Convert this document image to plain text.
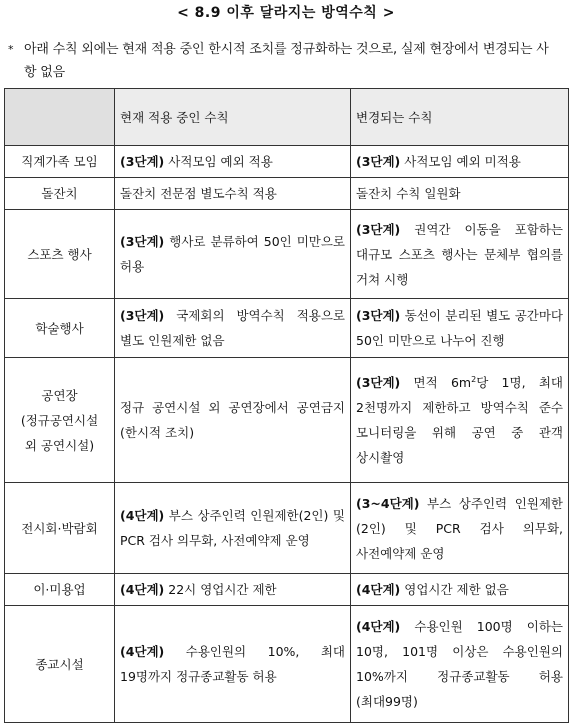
< 8.9 이후 달라지는 방역수칙 >
* 아래 수칙 외에는 현재 적용 중인 한시적 조치를 정규화하는 것으로, 실제 현장에서 변경되는 사항 없음
	현재 적용 중인 수칙	변경되는 수칙
직계가족 모임	(3단계) 사적모임 예외 적용	(3단계) 사적모임 예외 미적용
돌잔치	돌잔치 전문점 별도수칙 적용	돌잔치 수칙 일원화
스포츠 행사	(3단계) 행사로 분류하여 50인 미만으로 허용	(3단계) 권역간 이동을 포함하는 대규모 스포츠 행사는 문체부 협의를 거쳐 시행
학술행사	(3단계) 국제회의 방역수칙 적용으로 별도 인원제한 없음	(3단계) 동선이 분리된 별도 공간마다 50인 미만으로 나누어 진행

공연장
(정규공연시설
외 공연시설)	정규 공연시설 외 공연장에서 공연금지(한시적 조치)	(3단계) 면적 $6m^2$당 1명, 최대 2천명까지 제한하고 방역수칙 준수 모니터링을 위해 공연 중 관객 상시촬영
전시회·박람회	(4단계) 부스 상주인력 인원제한(2인) 및 PCR 검사 의무화, 사전예약제 운영	(3~4단계) 부스 상주인력 인원제한(2인) 및 PCR 검사 의무화, 사전예약제 운영
이·미용업	(4단계) 22시 영업시간 제한	(4단계) 영업시간 제한 없음
종교시설	(4단계) 수용인원의 10%, 최대 19명까지 정규종교활동 허용	(4단계) 수용인원 100명 이하는 10명, 101명 이상은 수용인원의 10%까지 정규종교활동 허용(최대99명)
